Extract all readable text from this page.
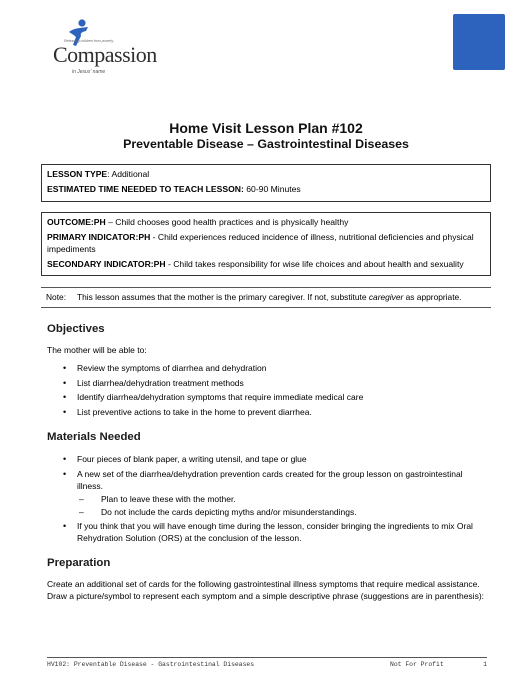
Releasing children from poverty
Compassion
in Jesus' name
Home Visit Lesson Plan #102
Preventable Disease – Gastrointestinal Diseases

LESSON TYPE: Additional

ESTIMATED TIME NEEDED TO TEACH LESSON: 60-90 Minutes

OUTCOME:PH – Child chooses good health practices and is physically healthy

PRIMARY INDICATOR:PH - Child experiences reduced incidence of illness, nutritional deficiencies and physical impediments

SECONDARY INDICATOR:PH - Child takes responsibility for wise life choices and about health and sexuality

Note: This lesson assumes that the mother is the primary caregiver. If not, substitute caregiver as appropriate.
Objectives
The mother will be able to:
• Review the symptoms of diarrhea and dehydration
• List diarrhea/dehydration treatment methods
• Identify diarrhea/dehydration symptoms that require immediate medical care
• List preventive actions to take in the home to prevent diarrhea.
Materials Needed
• Four pieces of blank paper, a writing utensil, and tape or glue
• A new set of the diarrhea/dehydration prevention cards created for the group lesson on gastrointestinal illness.
– Plan to leave these with the mother.
– Do not include the cards depicting myths and/or misunderstandings.
• If you think that you will have enough time during the lesson, consider bringing the ingredients to mix Oral Rehydration Solution (ORS) at the conclusion of the lesson.
Preparation
Create an additional set of cards for the following gastrointestinal illness symptoms that require medical assistance. Draw a picture/symbol to represent each symptom and a simple descriptive phrase (suggestions are in parenthesis):
HV102: Preventable Disease - Gastrointestinal Diseases	Not For Profit	1
